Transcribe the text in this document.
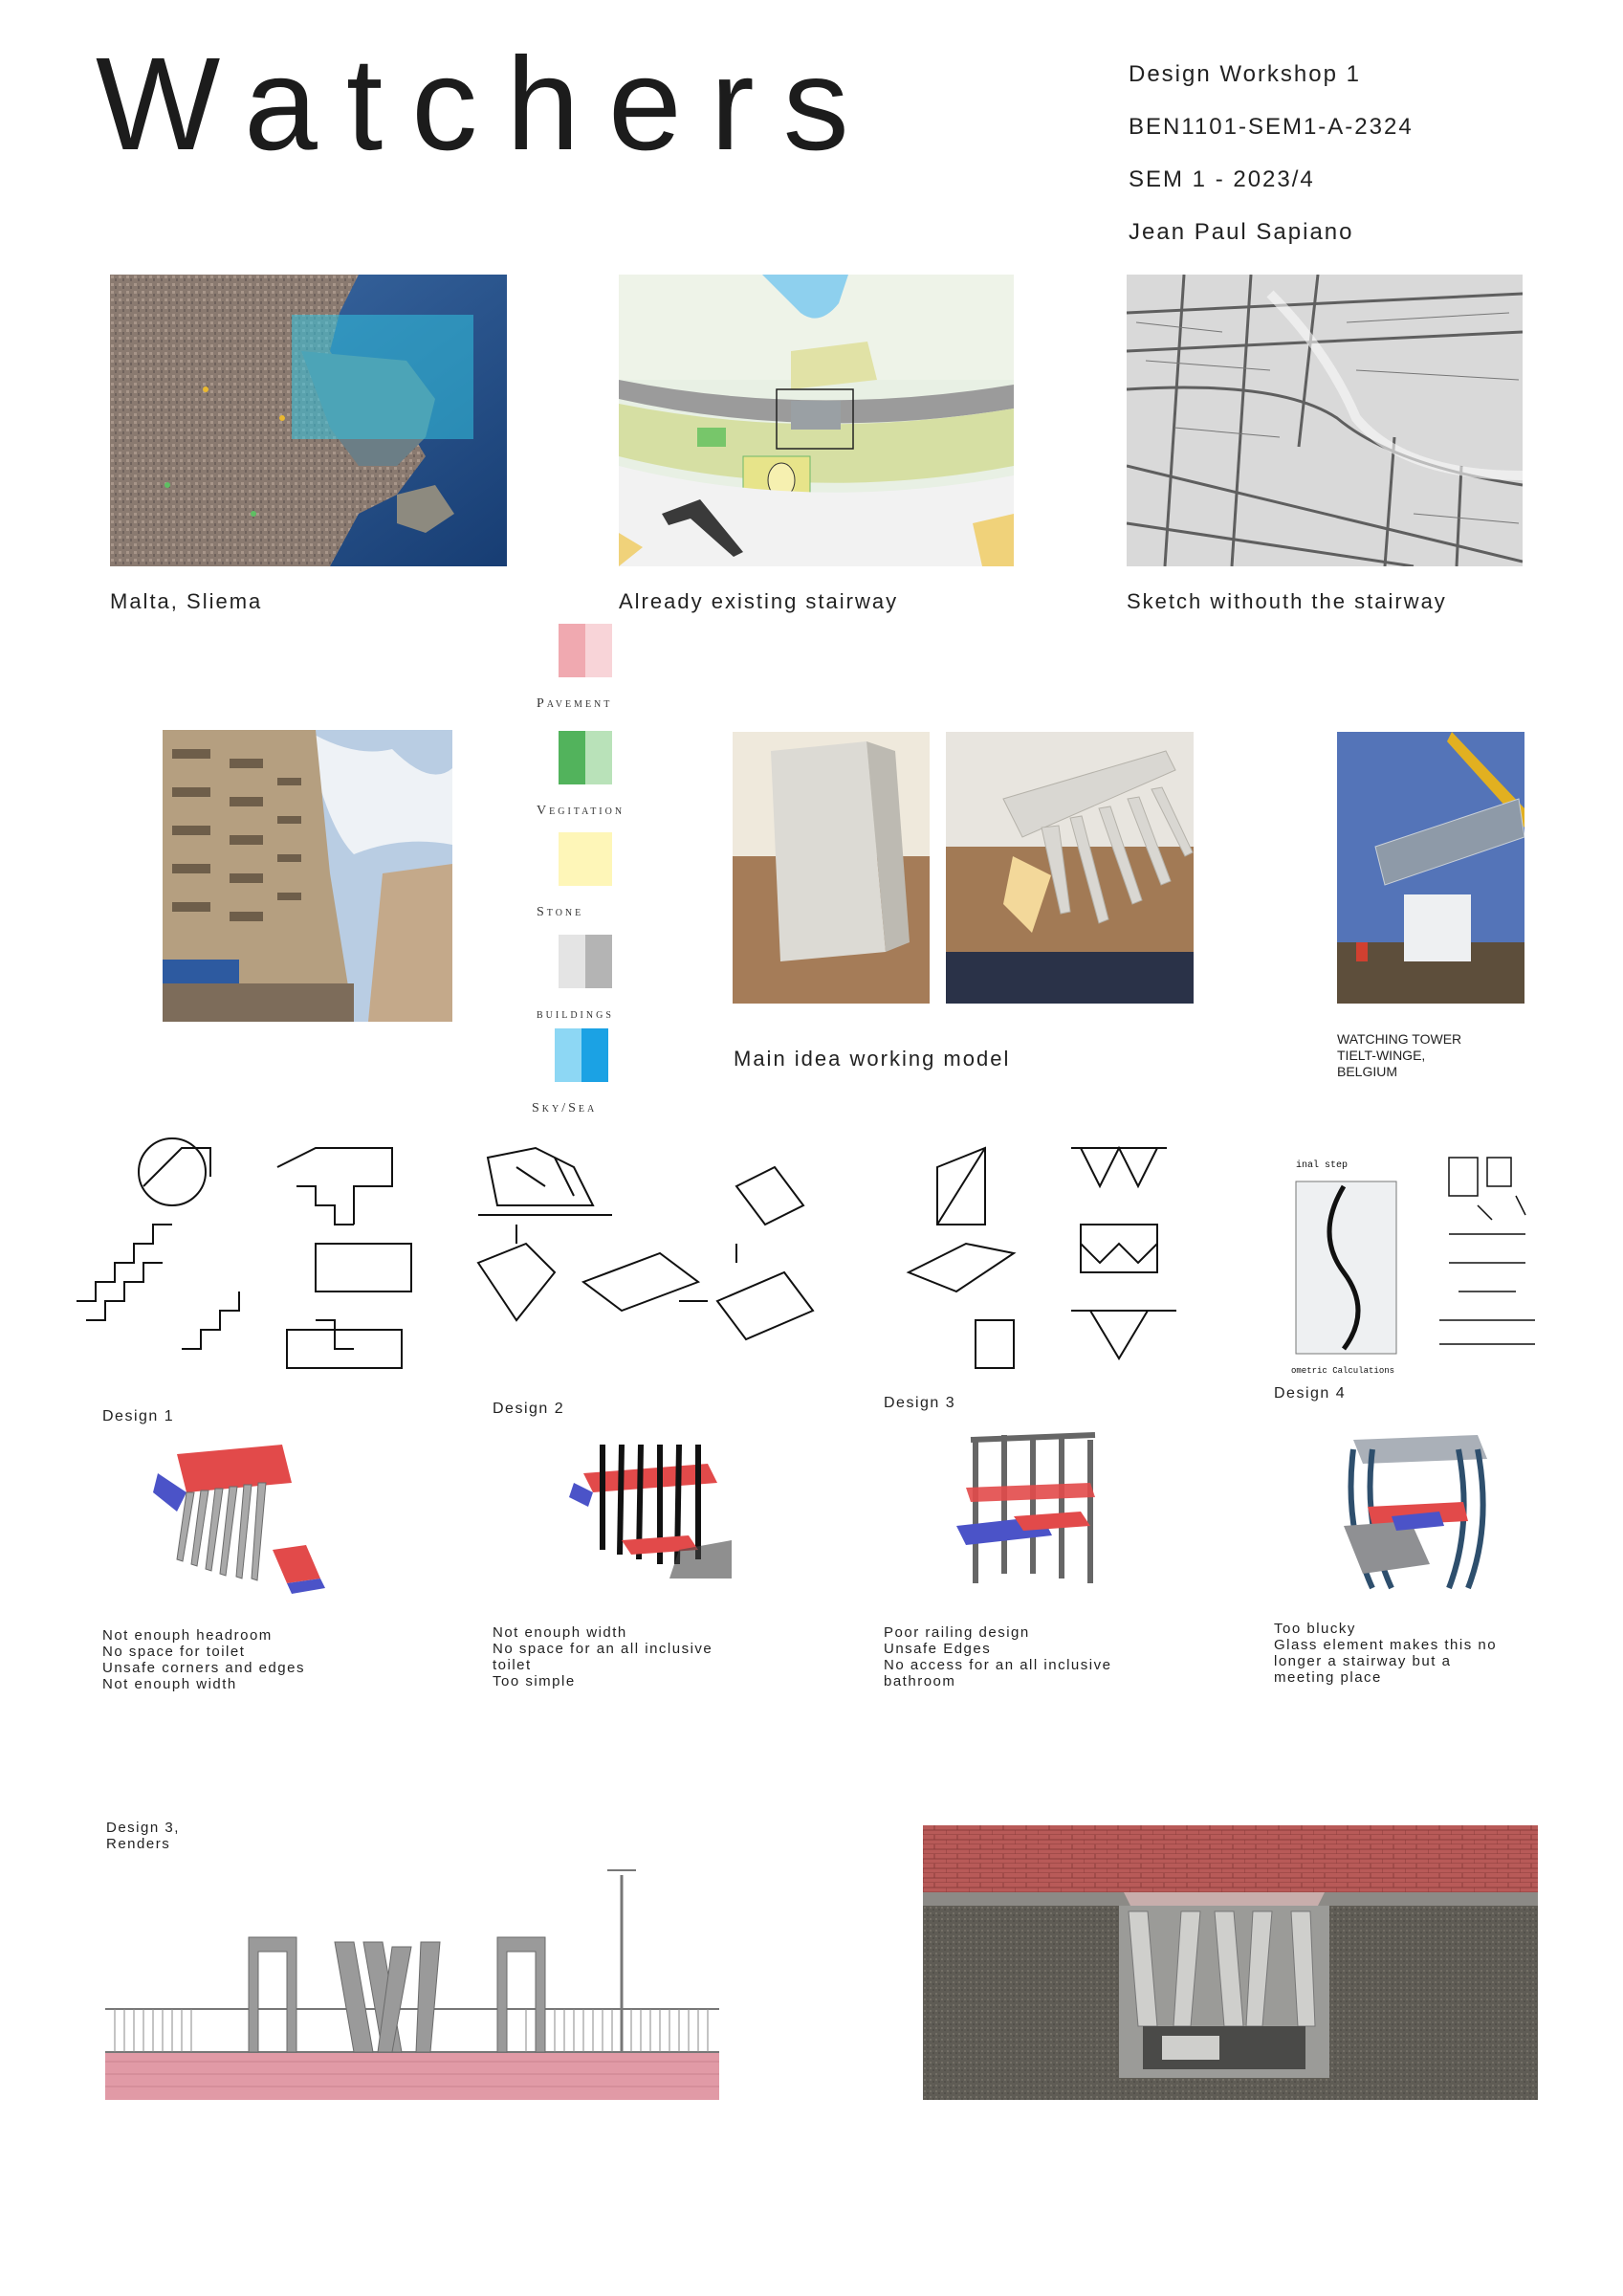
Watchers	Design Workshop 1
BEN1101-SEM1-A-2324
SEM 1 - 2023/4
Jean Paul Sapiano
Malta, Sliema	Already existing stairway	Sketch withouth the stairway
Pavement
Vegitation
Stone
buildings
Sky/Sea
Main idea working model
WATCHING TOWER
TIELT-WINGE,
BELGIUM
inal step
ometric Calculations
Design 1	Design 2	Design 3
Design 4
Not enouph headroom
No space for toilet
Unsafe corners and edges
Not enouph width
Not enouph width
No space for an all inclusive
toilet
Too simple
Poor railing design
Unsafe Edges
No access for an all inclusive
bathroom
Too blucky
Glass element makes this no
longer a stairway but a
meeting place
Design 3,
Renders
